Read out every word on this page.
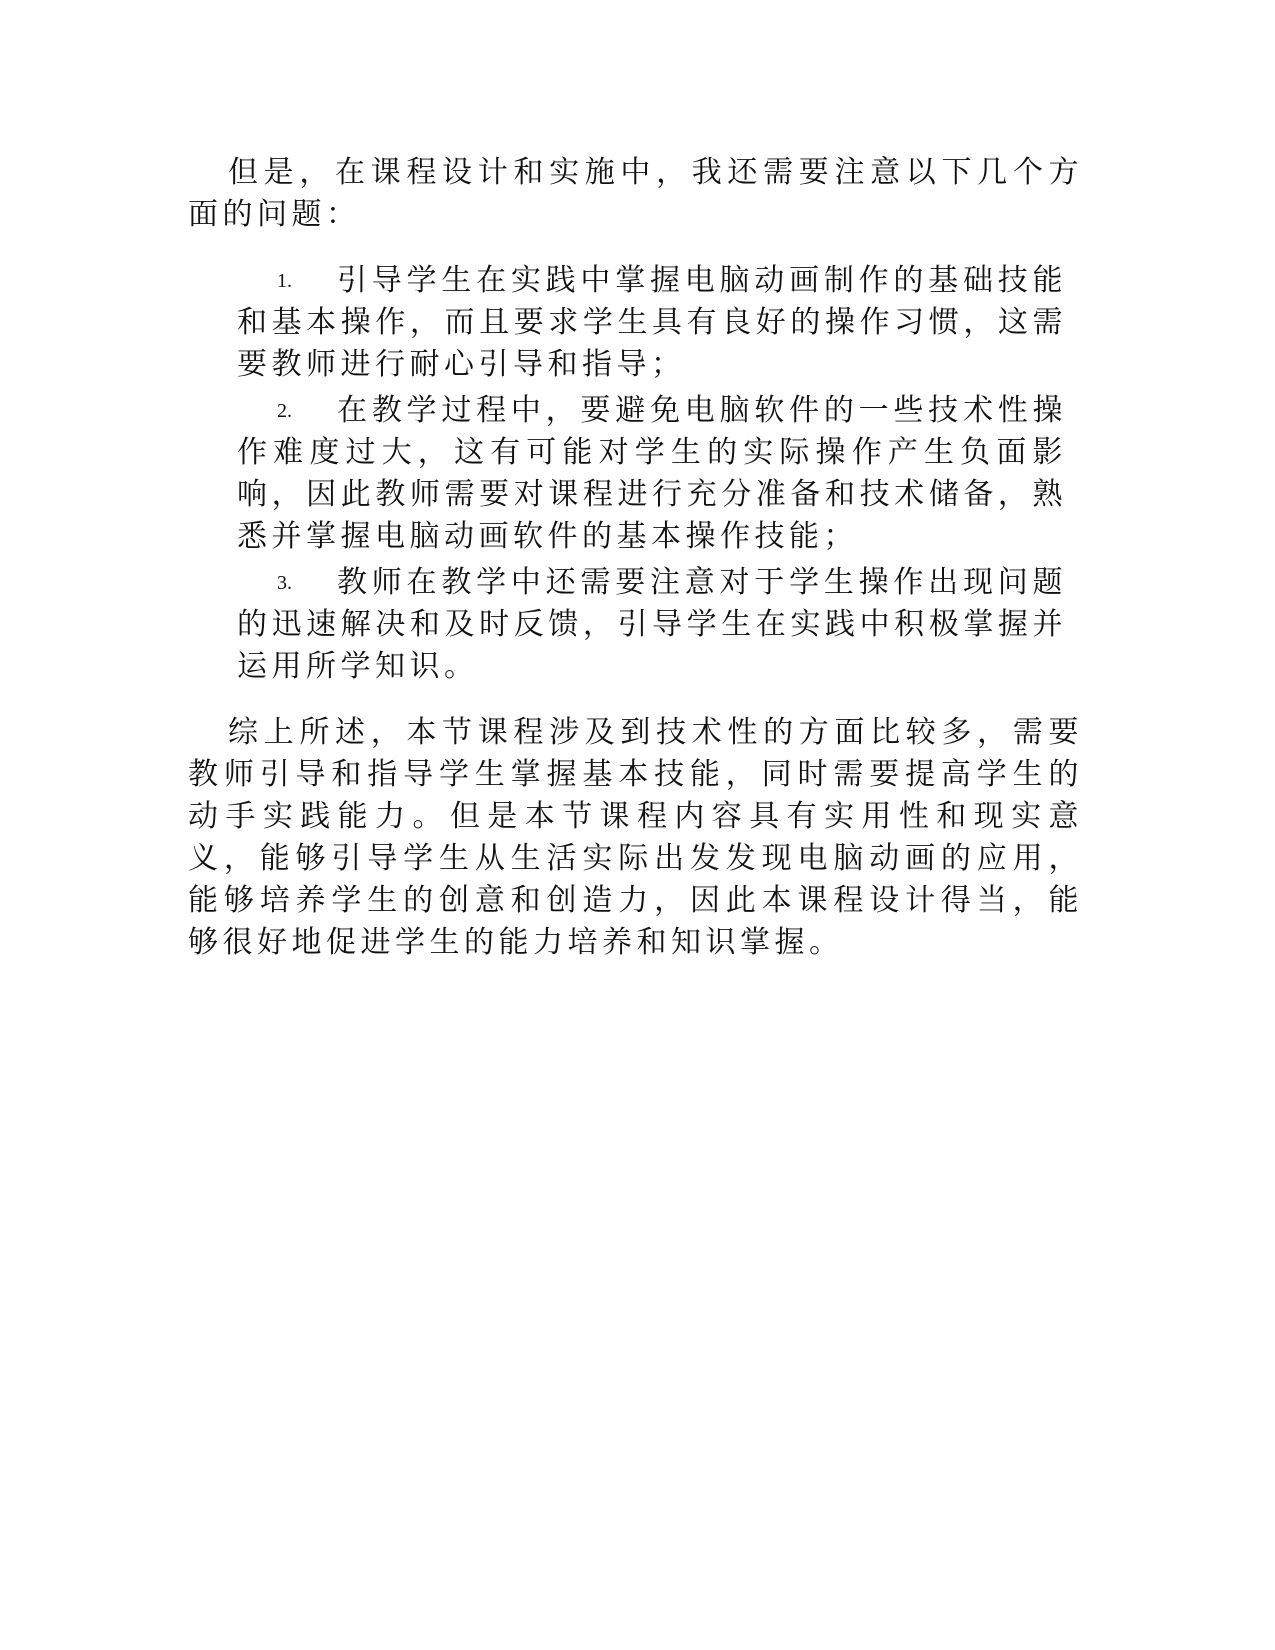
但是，在课程设计和实施中，我还需要注意以下几个方面的问题：

1. 引导学生在实践中掌握电脑动画制作的基础技能和基本操作，而且要求学生具有良好的操作习惯，这需要教师进行耐心引导和指导；
2. 在教学过程中，要避免电脑软件的一些技术性操作难度过大，这有可能对学生的实际操作产生负面影响，因此教师需要对课程进行充分准备和技术储备，熟悉并掌握电脑动画软件的基本操作技能；
3. 教师在教学中还需要注意对于学生操作出现问题的迅速解决和及时反馈，引导学生在实践中积极掌握并运用所学知识。

综上所述，本节课程涉及到技术性的方面比较多，需要教师引导和指导学生掌握基本技能，同时需要提高学生的动手实践能力。但是本节课程内容具有实用性和现实意义，能够引导学生从生活实际出发发现电脑动画的应用，能够培养学生的创意和创造力，因此本课程设计得当，能够很好地促进学生的能力培养和知识掌握。
